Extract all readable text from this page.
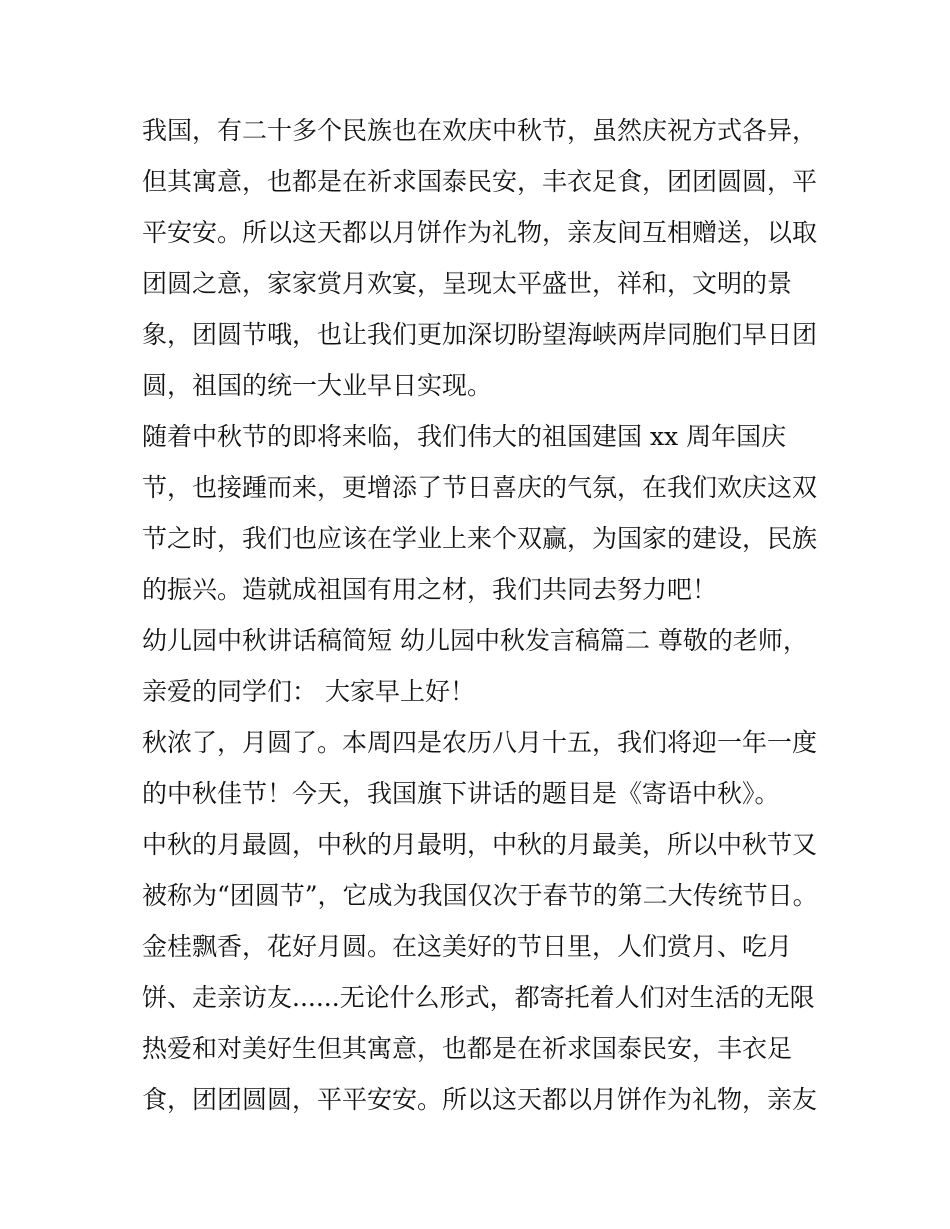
我国，有二十多个民族也在欢庆中秋节，虽然庆祝方式各异，
但其寓意，也都是在祈求国泰民安，丰衣足食，团团圆圆，平
平安安。所以这天都以月饼作为礼物，亲友间互相赠送，以取
团圆之意，家家赏月欢宴，呈现太平盛世，祥和，文明的景
象，团圆节哦，也让我们更加深切盼望海峡两岸同胞们早日团
圆，祖国的统一大业早日实现。
随着中秋节的即将来临，我们伟大的祖国建国 xx 周年国庆
节，也接踵而来，更增添了节日喜庆的气氛，在我们欢庆这双
节之时，我们也应该在学业上来个双赢，为国家的建设，民族
的振兴。造就成祖国有用之材，我们共同去努力吧！
幼儿园中秋讲话稿简短 幼儿园中秋发言稿篇二 尊敬的老师，
亲爱的同学们： 大家早上好！
秋浓了，月圆了。本周四是农历八月十五，我们将迎一年一度
的中秋佳节！今天，我国旗下讲话的题目是《寄语中秋》。
中秋的月最圆，中秋的月最明，中秋的月最美，所以中秋节又
被称为“团圆节”，它成为我国仅次于春节的第二大传统节日。
金桂飘香，花好月圆。在这美好的节日里，人们赏月、吃月
饼、走亲访友......无论什么形式，都寄托着人们对生活的无限
热爱和对美好生但其寓意，也都是在祈求国泰民安，丰衣足
食，团团圆圆，平平安安。所以这天都以月饼作为礼物，亲友
